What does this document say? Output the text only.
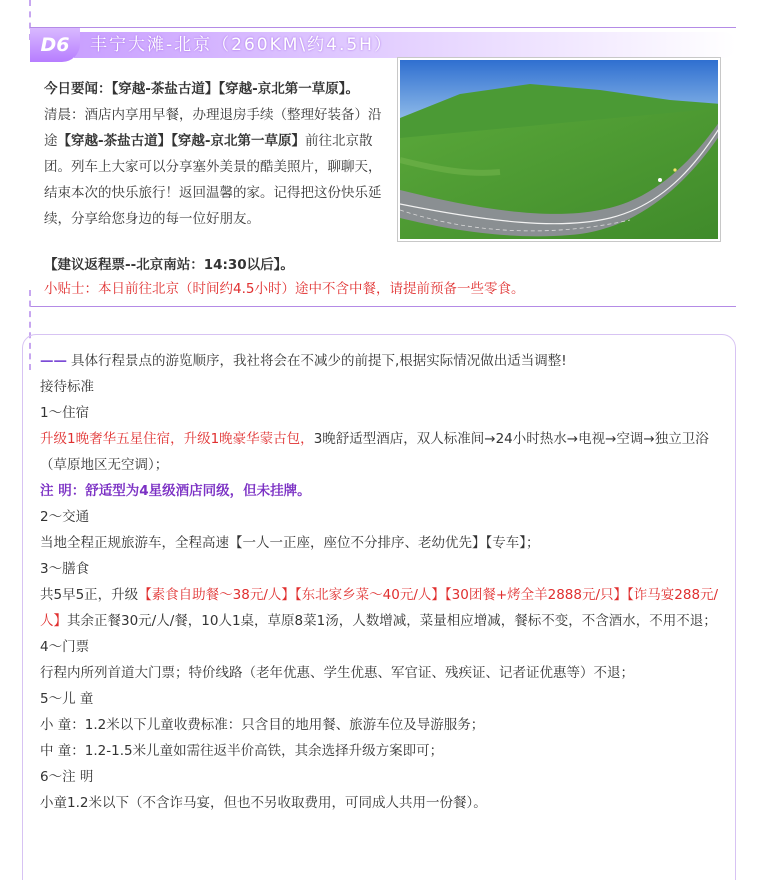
D6	丰宁大滩-北京（260KM\约4.5H）

今日要闻：【穿越-茶盐古道】【穿越-京北第一草原】。

清晨：酒店内享用早餐，办理退房手续（整理好装备）沿途【穿越-茶盐古道】【穿越-京北第一草原】前往北京散团。列车上大家可以分享塞外美景的酷美照片，聊聊天，结束本次的快乐旅行！返回温馨的家。记得把这份快乐延续，分享给您身边的每一位好朋友。

【建议返程票--北京南站：14:30以后】。
小贴士：本日前往北京（时间约4.5小时）途中不含中餐，请提前预备一些零食。

—— 具体行程景点的游览顺序，我社将会在不减少的前提下,根据实际情况做出适当调整!

接待标准

1～住宿

升级1晚奢华五星住宿，升级1晚豪华蒙古包，3晚舒适型酒店，双人标准间→24小时热水→电视→空调→独立卫浴（草原地区无空调）；

注 明：舒适型为4星级酒店同级，但未挂牌。

2～交通

当地全程正规旅游车，全程高速【一人一正座，座位不分排序、老幼优先】【专车】；

3～膳食

共5早5正，升级【素食自助餐～38元/人】【东北家乡菜～40元/人】【30团餐+烤全羊2888元/只】【诈马宴288元/人】其余正餐30元/人/餐，10人1桌，草原8菜1汤，人数增减，菜量相应增减，餐标不变，不含酒水，不用不退；

4～门票

行程内所列首道大门票；特价线路（老年优惠、学生优惠、军官证、残疾证、记者证优惠等）不退；

5～儿 童

小 童：1.2米以下儿童收费标准：只含目的地用餐、旅游车位及导游服务；

中 童：1.2-1.5米儿童如需往返半价高铁，其余选择升级方案即可；

6～注 明

小童1.2米以下（不含诈马宴，但也不另收取费用，可同成人共用一份餐）。
